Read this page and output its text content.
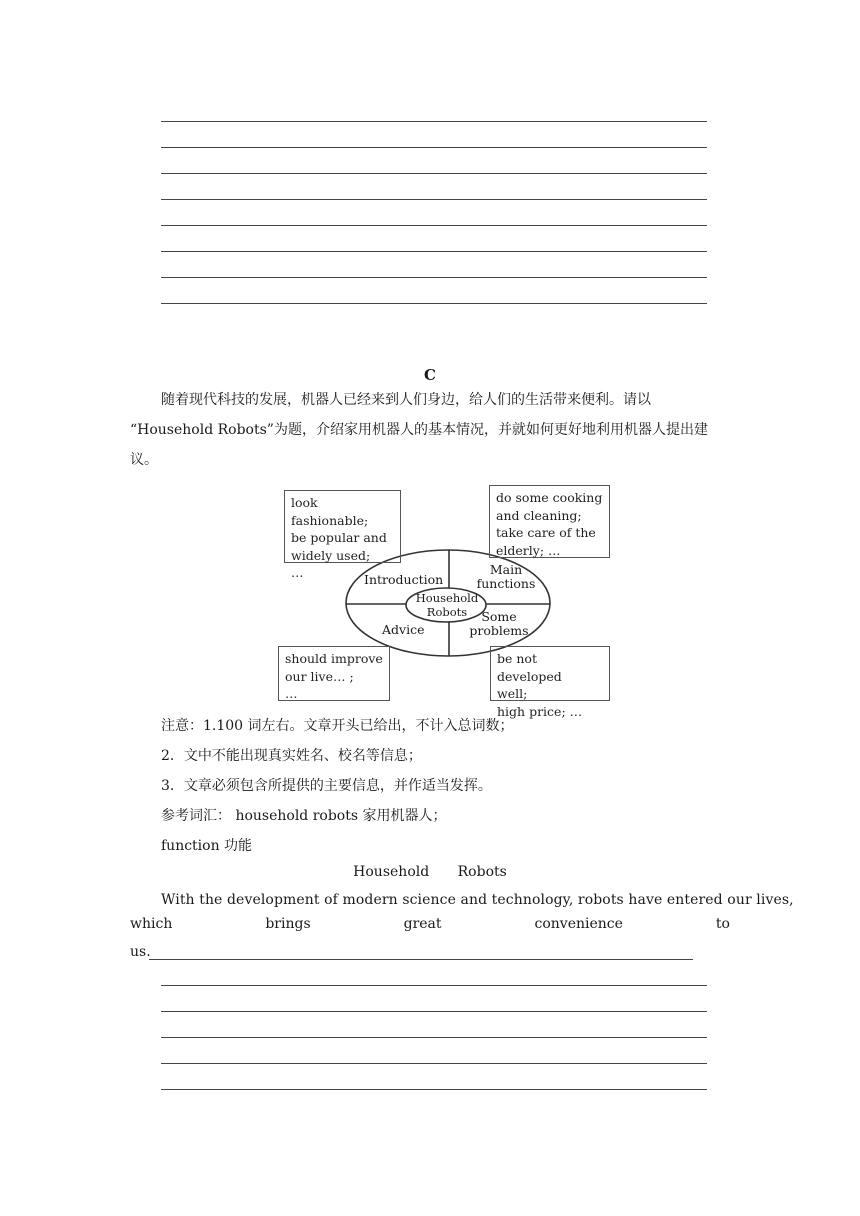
C
随着现代科技的发展，机器人已经来到人们身边，给人们的生活带来便利。请以
“Household Robots”为题，介绍家用机器人的基本情况，并就如何更好地利用机器人提出建
议。
look fashionable;
be popular and
widely used;
…
do some cooking
and cleaning;
take care of the
elderly; …
should improve
our live… ;
…
be not developed
well;
high price; …
Introduction
Main
functions
Household
Robots
Advice
Some
problems
注意：1.100 词左右。文章开头已给出，不计入总词数；
2．文中不能出现真实姓名、校名等信息；
3．文章必须包含所提供的主要信息，并作适当发挥。
参考词汇： household robots 家用机器人；
function 功能
Household Robots
With the development of modern science and technology, robots have entered our lives,
which	brings	great	convenience	to
us.
